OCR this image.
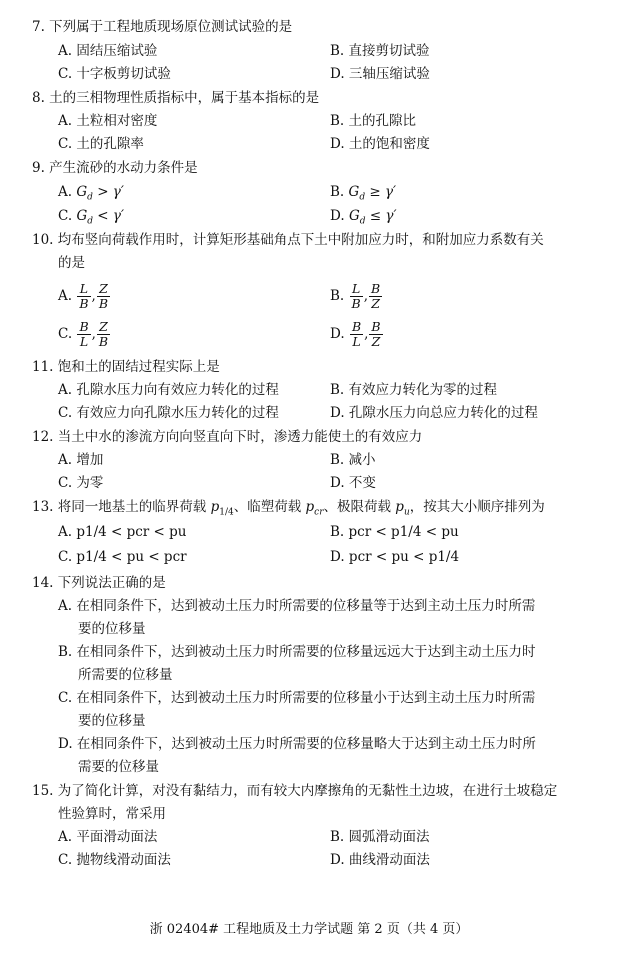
7. 下列属于工程地质现场原位测试试验的是
A. 固结压缩试验	B. 直接剪切试验
C. 十字板剪切试验	D. 三轴压缩试验
8. 土的三相物理性质指标中，属于基本指标的是
A. 土粒相对密度	B. 土的孔隙比
C. 土的孔隙率	D. 土的饱和密度
9. 产生流砂的水动力条件是
A. $G_d > \gamma'$	B. $G_d \ge \gamma'$
C. $G_d < \gamma'$	D. $G_d \le \gamma'$
10. 均布竖向荷载作用时，计算矩形基础角点下土中附加应力时，和附加应力系数有关
的是
A. $\frac{L}{B}$ , $\frac{Z}{B}$	B. $\frac{L}{B}$ , $\frac{B}{Z}$
C. $\frac{B}{L}$ , $\frac{Z}{B}$	D. $\frac{B}{L}$ , $\frac{B}{Z}$
11. 饱和土的固结过程实际上是
A. 孔隙水压力向有效应力转化的过程	B. 有效应力转化为零的过程
C. 有效应力向孔隙水压力转化的过程	D. 孔隙水压力向总应力转化的过程
12. 当土中水的渗流方向向竖直向下时，渗透力能使土的有效应力
A. 增加	B. 减小
C. 为零	D. 不变
13. 将同一地基土的临界荷载 $p_{1/4}$、临塑荷载 $p_{cr}$、极限荷载 $p_u$，按其大小顺序排列为
A. p1/4 < pcr < pu	B. pcr < p1/4 < pu
C. p1/4 < pu < pcr	D. pcr < pu < p1/4
14. 下列说法正确的是
A. 在相同条件下，达到被动土压力时所需要的位移量等于达到主动土压力时所需
要的位移量
B. 在相同条件下，达到被动土压力时所需要的位移量远远大于达到主动土压力时
所需要的位移量
C. 在相同条件下，达到被动土压力时所需要的位移量小于达到主动土压力时所需
要的位移量
D. 在相同条件下，达到被动土压力时所需要的位移量略大于达到主动土压力时所
需要的位移量
15. 为了简化计算，对没有黏结力，而有较大内摩擦角的无黏性土边坡，在进行土坡稳定
性验算时，常采用
A. 平面滑动面法	B. 圆弧滑动面法
C. 抛物线滑动面法	D. 曲线滑动面法
浙 02404# 工程地质及土力学试题 第 2 页（共 4 页）
